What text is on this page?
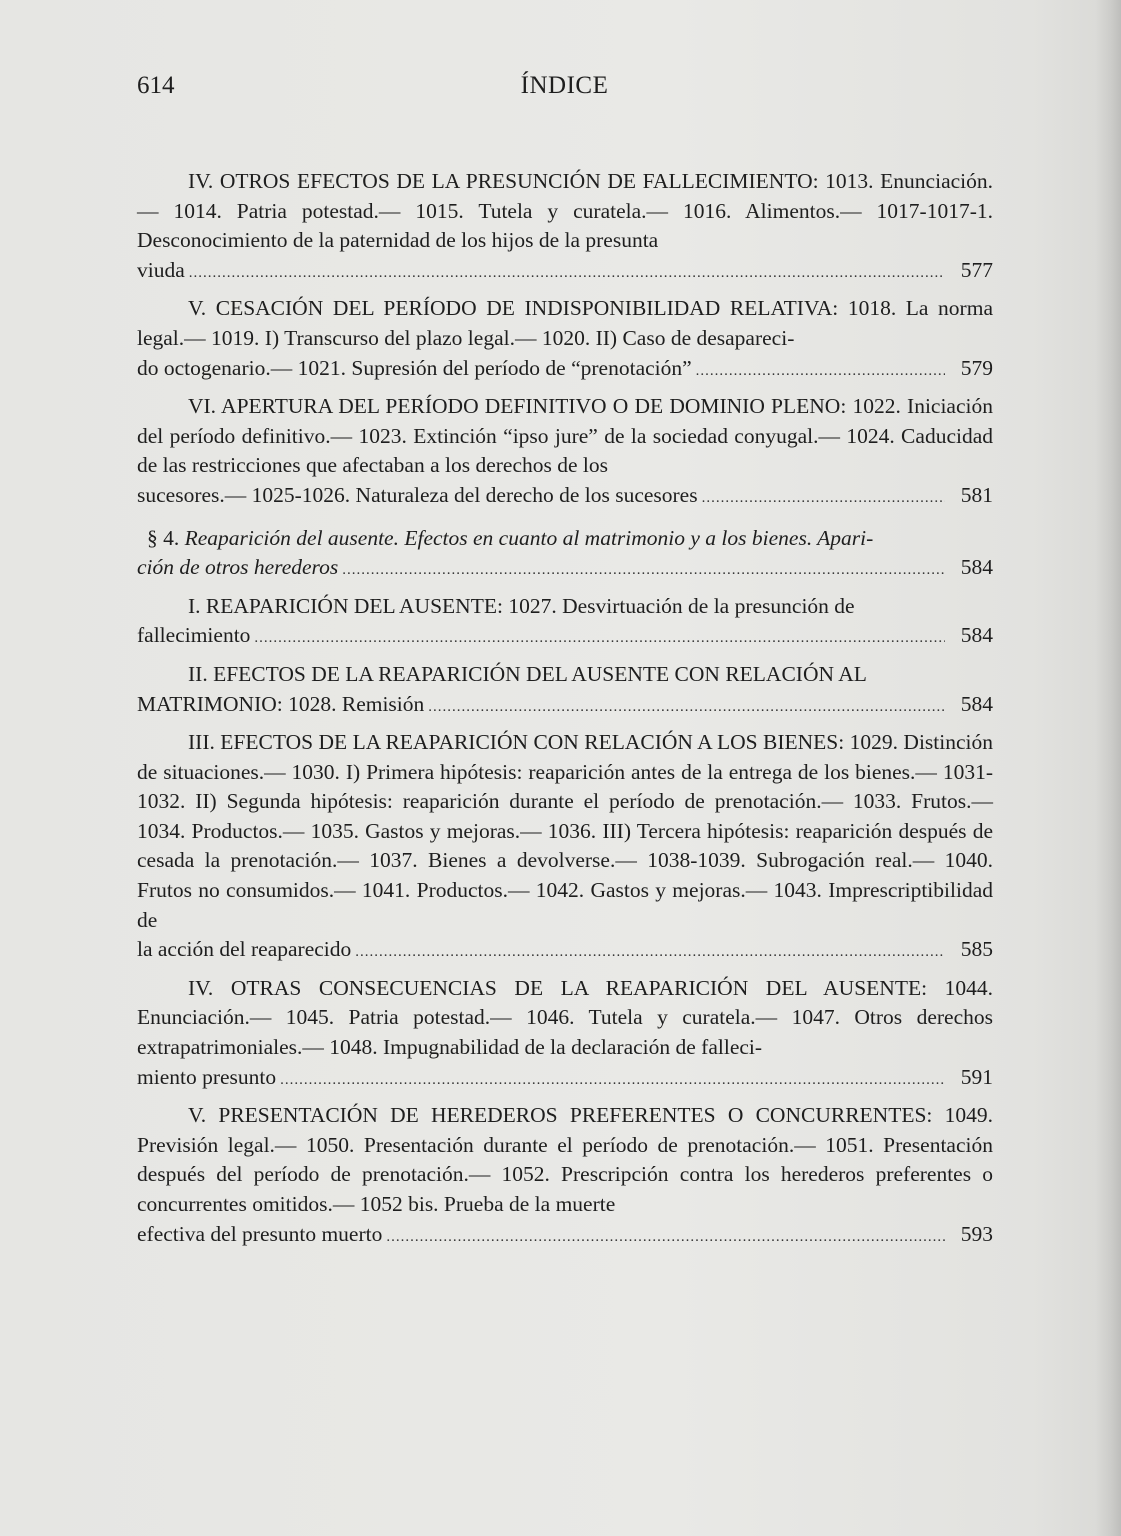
614	ÍNDICE

IV. OTROS EFECTOS DE LA PRESUNCIÓN DE FALLECIMIENTO: 1013. Enunciación.— 1014. Patria potestad.— 1015. Tutela y curatela.— 1016. Alimentos.— 1017-1017-1. Desconocimiento de la paternidad de los hijos de la presunta

viuda .....	577

V. CESACIÓN DEL PERÍODO DE INDISPONIBILIDAD RELATIVA: 1018. La norma legal.— 1019. I) Transcurso del plazo legal.— 1020. II) Caso de desapareci-

do octogenario.— 1021. Supresión del período de “prenotación” .....	579

VI. APERTURA DEL PERÍODO DEFINITIVO O DE DOMINIO PLENO: 1022. Iniciación del período definitivo.— 1023. Extinción “ipso jure” de la sociedad conyugal.— 1024. Caducidad de las restricciones que afectaban a los derechos de los

sucesores.— 1025-1026. Naturaleza del derecho de los sucesores .....	581

§ 4. Reaparición del ausente. Efectos en cuanto al matrimonio y a los bienes. Apari-

ción de otros herederos .....	584

I. REAPARICIÓN DEL AUSENTE: 1027. Desvirtuación de la presunción de

fallecimiento .....	584

II. EFECTOS DE LA REAPARICIÓN DEL AUSENTE CON RELACIÓN AL

MATRIMONIO: 1028. Remisión .....	584

III. EFECTOS DE LA REAPARICIÓN CON RELACIÓN A LOS BIENES: 1029. Distinción de situaciones.— 1030. I) Primera hipótesis: reaparición antes de la entrega de los bienes.— 1031-1032. II) Segunda hipótesis: reaparición durante el período de prenotación.— 1033. Frutos.— 1034. Productos.— 1035. Gastos y mejoras.— 1036. III) Tercera hipótesis: reaparición después de cesada la prenotación.— 1037. Bienes a devolverse.— 1038-1039. Subrogación real.— 1040. Frutos no consumidos.— 1041. Productos.— 1042. Gastos y mejoras.— 1043. Imprescriptibilidad de

la acción del reaparecido .....	585

IV. OTRAS CONSECUENCIAS DE LA REAPARICIÓN DEL AUSENTE: 1044. Enunciación.— 1045. Patria potestad.— 1046. Tutela y curatela.— 1047. Otros derechos extrapatrimoniales.— 1048. Impugnabilidad de la declaración de falleci-

miento presunto .....	591

V. PRESENTACIÓN DE HEREDEROS PREFERENTES O CONCURRENTES: 1049. Previsión legal.— 1050. Presentación durante el período de prenotación.— 1051. Presentación después del período de prenotación.— 1052. Prescripción contra los herederos preferentes o concurrentes omitidos.— 1052 bis. Prueba de la muerte

efectiva del presunto muerto .....	593
